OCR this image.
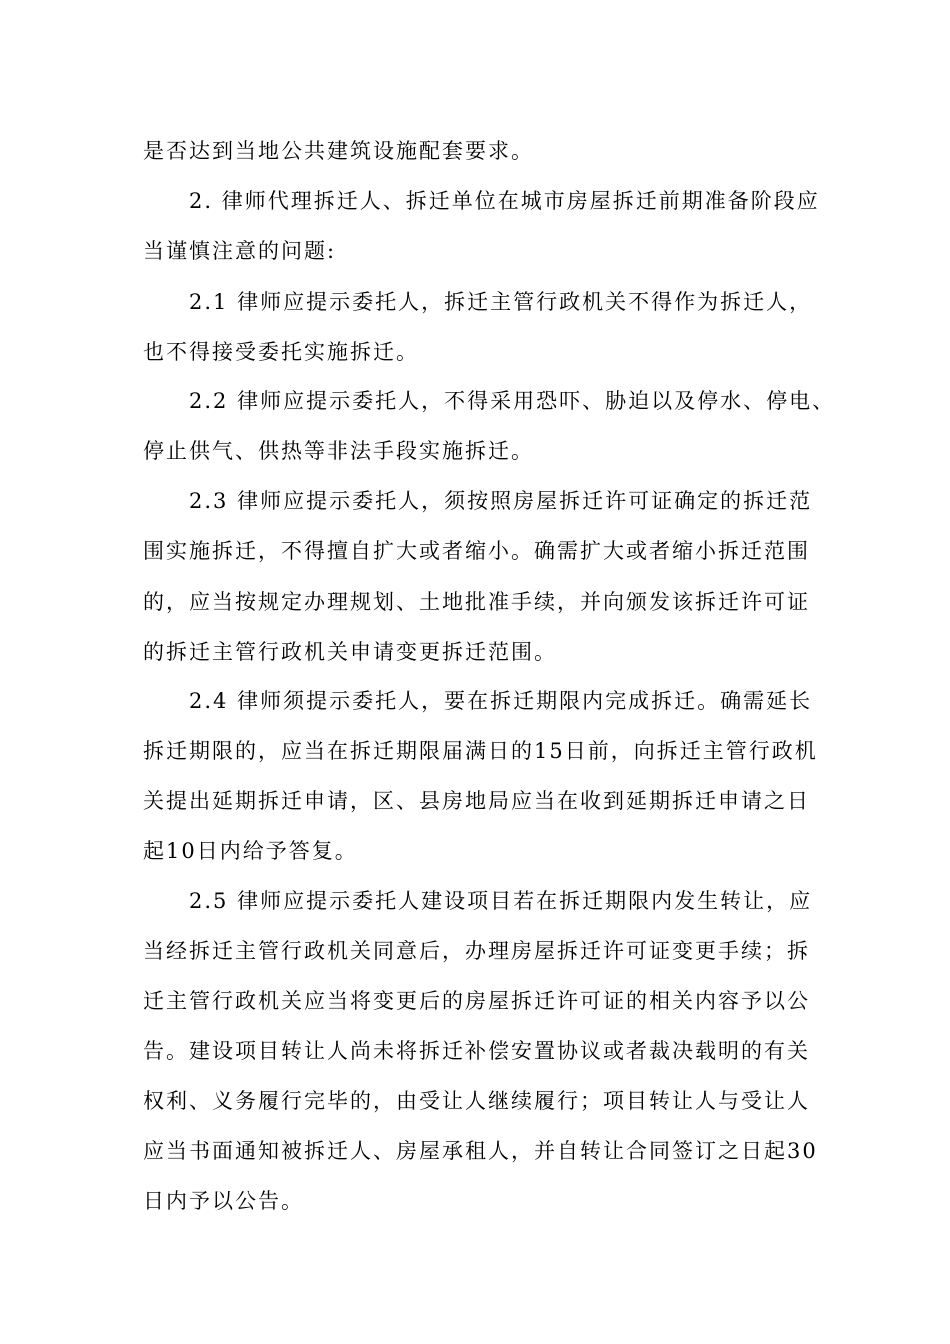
是否达到当地公共建筑设施配套要求。
2. 律师代理拆迁人、拆迁单位在城市房屋拆迁前期准备阶段应
当谨慎注意的问题:
2.1 律师应提示委托人，拆迁主管行政机关不得作为拆迁人，
也不得接受委托实施拆迁。
2.2 律师应提示委托人，不得采用恐吓、胁迫以及停水、停电、
停止供气、供热等非法手段实施拆迁。
2.3 律师应提示委托人，须按照房屋拆迁许可证确定的拆迁范
围实施拆迁，不得擅自扩大或者缩小。确需扩大或者缩小拆迁范围
的，应当按规定办理规划、土地批准手续，并向颁发该拆迁许可证
的拆迁主管行政机关申请变更拆迁范围。
2.4 律师须提示委托人，要在拆迁期限内完成拆迁。确需延长
拆迁期限的，应当在拆迁期限届满日的15日前，向拆迁主管行政机
关提出延期拆迁申请，区、县房地局应当在收到延期拆迁申请之日
起10日内给予答复。
2.5 律师应提示委托人建设项目若在拆迁期限内发生转让，应
当经拆迁主管行政机关同意后，办理房屋拆迁许可证变更手续；拆
迁主管行政机关应当将变更后的房屋拆迁许可证的相关内容予以公
告。建设项目转让人尚未将拆迁补偿安置协议或者裁决载明的有关
权利、义务履行完毕的，由受让人继续履行；项目转让人与受让人
应当书面通知被拆迁人、房屋承租人，并自转让合同签订之日起30
日内予以公告。
